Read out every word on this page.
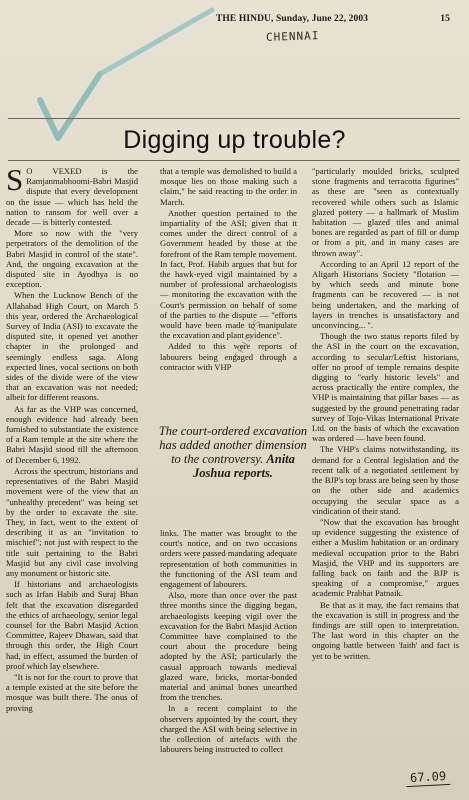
THE HINDU, Sunday, June 22, 2003	15
CHENNAI
Digging up trouble?

S O VEXED is the Ramjanmabhoomi-Babri Masjid dispute that every development on the issue — which has held the nation to ransom for well over a decade — is bitterly contested.

More so now with the "very perpetrators of the demolition of the Babri Masjid in control of the state". And, the ongoing excavation at the disputed site in Ayodhya is no exception.

When the Lucknow Bench of the Allahabad High Court, on March 5 this year, ordered the Archaeological Survey of India (ASI) to excavate the disputed site, it opened yet another chapter in the prolonged and seemingly endless saga. Along expected lines, vocal sections on both sides of the divide were of the view that an excavation was not needed; albeit for different reasons.

As far as the VHP was concerned, enough evidence had already been furnished to substantiate the existence of a Ram temple at the site where the Babri Masjid stood till the afternoon of December 6, 1992.

Across the spectrum, historians and representatives of the Babri Masjid movement were of the view that an "unhealthy precedent" was being set by the order to excavate the site. They, in fact, went to the extent of describing it as an "invitation to mischief"; not just with respect to the title suit pertaining to the Babri Masjid but any civil case involving any monument or historic site.

If historians and archaeologists such as Irfan Habib and Suraj Bhan felt that the excavation disregarded the ethics of archaeology, senior legal counsel for the Babri Masjid Action Committee, Rajeev Dhawan, said that through this order, the High Court had, in effect, assumed the burden of proof which lay elsewhere.

"It is not for the court to prove that a temple existed at the site before the mosque was built there. The onus of proving

that a temple was demolished to build a mosque lies on those making such a claim," he said reacting to the order in March.

Another question pertained to the impartiality of the ASI; given that it comes under the direct control of a Government headed by those at the forefront of the Ram temple movement. In fact, Prof. Habib argues that but for the hawk-eyed vigil maintained by a number of professional archaeologists — monitoring the excavation with the Court's permission on behalf of some of the parties to the dispute — "efforts would have been made to manipulate the excavation and plant evidence".

Added to this were reports of labourers being engaged through a contractor with VHP

THIS IS
The court-ordered excavation has added another dimension to the controversy. Anita Joshua reports.

links. The matter was brought to the court's notice, and on two occasions orders were passed mandating adequate representation of both communities in the functioning of the ASI team and engagement of labourers.

Also, more than once over the past three months since the digging began, archaeologists keeping vigil over the excavation for the Babri Masjid Action Committee have complained to the court about the procedure being adopted by the ASI; particularly the casual approach towards medieval glazed ware, bricks, mortar-bonded material and animal bones unearthed from the trenches.

In a recent complaint to the observers appointed by the court, they charged the ASI with being selective in the collection of artefacts with the labourers being instructed to collect

"particularly moulded bricks, sculpted stone fragments and terracotta figurines" as these are "seen as contextually recovered while others such as Islamic glazed pottery — a hallmark of Muslim habitation — glazed tiles and animal bones are regarded as part of fill or dump or from a pit, and in many cases are thrown away".

According to an April 12 report of the Aligarh Historians Society "flotation — by which seeds and minute bone fragments can be recovered — is not being undertaken, and the marking of layers in trenches is unsatisfactory and unconvincing... ".

Though the two status reports filed by the ASI in the court on the excavation, according to secular/Leftist historians, offer no proof of temple remains despite digging to "early historic levels" and across practically the entire complex, the VHP is maintaining that pillar bases — as suggested by the ground penetrating radar survey of Tojo-Vikas International Private Ltd. on the basis of which the excavation was ordered — have been found.

The VHP's claims notwithstanding, its demand for a Central legislation and the recent talk of a negotiated settlement by the BJP's top brass are being seen by those on the other side and academics occupying the secular space as a vindication of their stand.

"Now that the excavation has brought up evidence suggesting the existence of either a Muslim habitation or an ordinary medieval occupation prior to the Babri Masjid, the VHP and its supporters are falling back on faith and the BJP is speaking of a compromise," argues academic Prabhat Patnaik.

Be that as it may, the fact remains that the excavation is still in progress and the findings are still open to interpretation. The last word in this chapter on the ongoing battle between 'faith' and fact is yet to be written.

67.09
